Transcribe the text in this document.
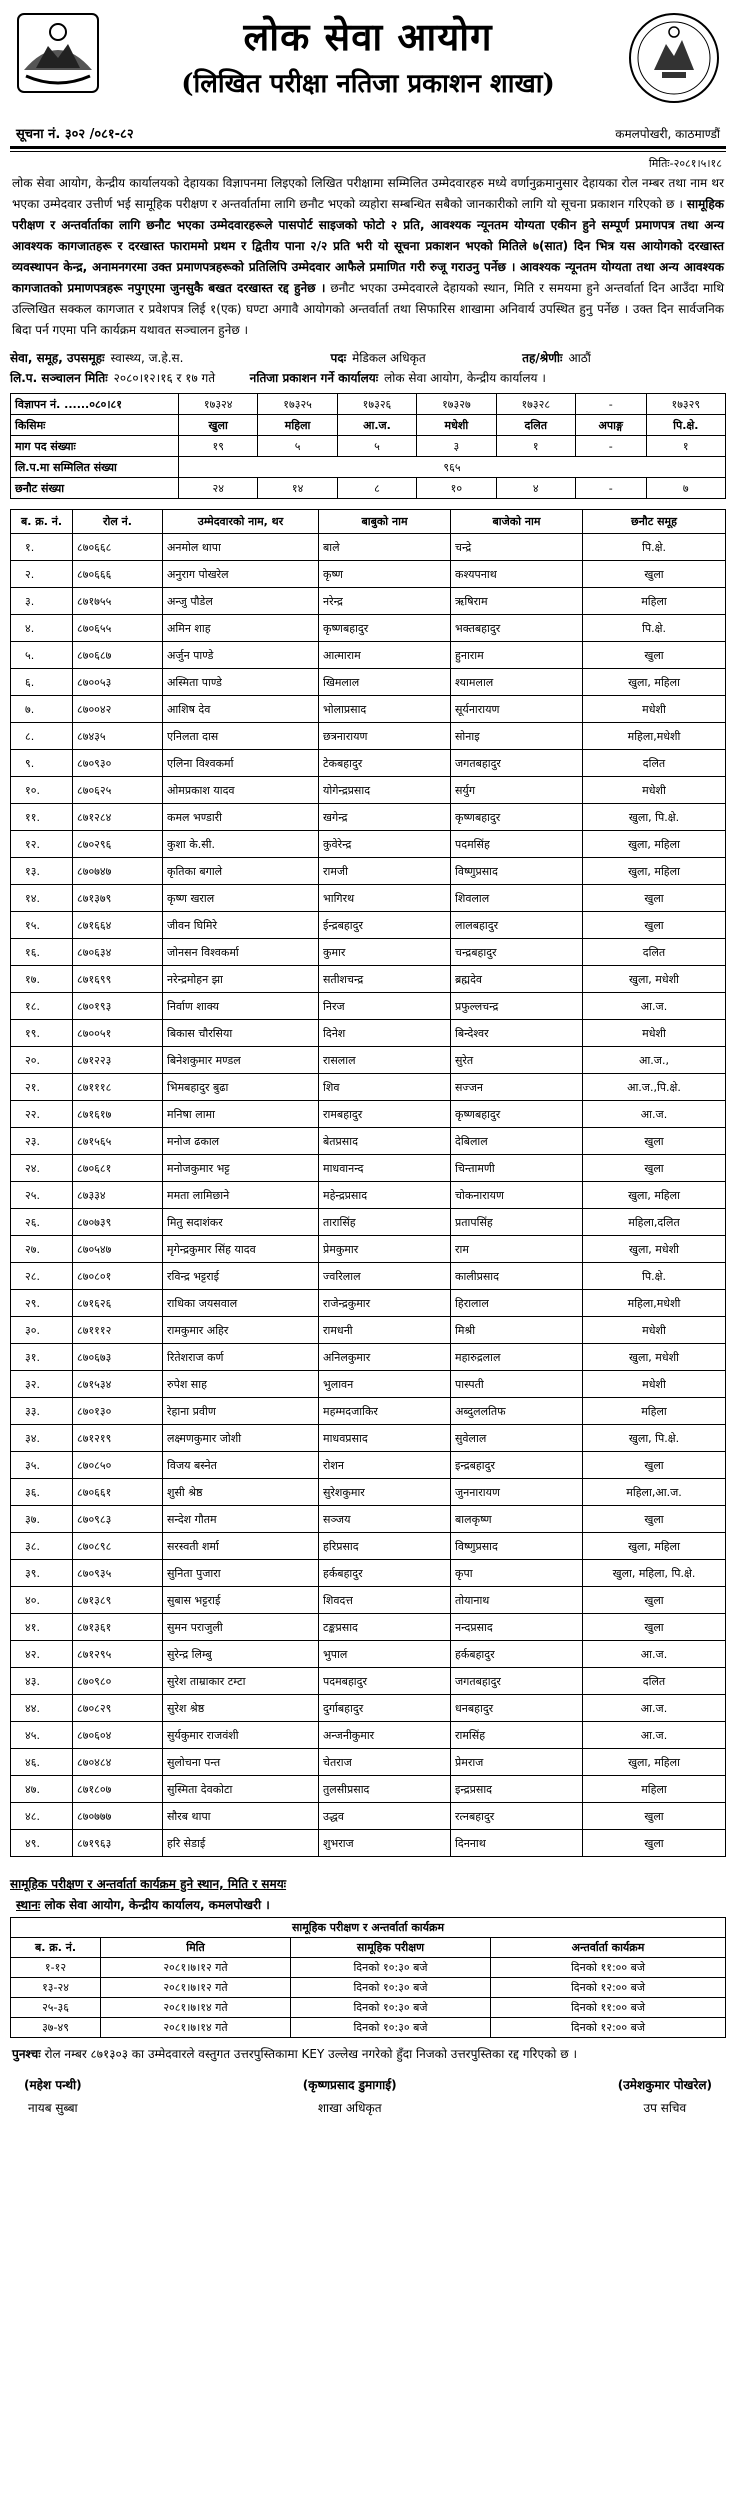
लोक सेवा आयोग
(लिखित परीक्षा नतिजा प्रकाशन शाखा)
सूचना नं. ३०२ /०८१-८२	कमलपोखरी, काठमाण्डौं
मितिः-२०८१।५।१८
लोक सेवा आयोग, केन्द्रीय कार्यालयको देहायका विज्ञापनमा लिइएको लिखित परीक्षामा सम्मिलित उम्मेदवारहरु मध्ये वर्णानुक्रमानुसार देहायका रोल नम्बर तथा नाम थर भएका उम्मेदवार उत्तीर्ण भई सामूहिक परीक्षण र अन्तर्वार्तामा लागि छनौट भएको व्यहोरा सम्बन्धित सबैको जानकारीको लागि यो सूचना प्रकाशन गरिएको छ । सामूहिक परीक्षण र अन्तर्वार्ताका लागि छनौट भएका उम्मेदवारहरूले पासपोर्ट साइजको फोटो २ प्रति, आवश्यक न्यूनतम योग्यता एकीन हुने सम्पूर्ण प्रमाणपत्र तथा अन्य आवश्यक कागजातहरू र दरखास्त फाराममो प्रथम र द्वितीय पाना २/२ प्रति भरी यो सूचना प्रकाशन भएको मितिले ७(सात) दिन भित्र यस आयोगको दरखास्त व्यवस्थापन केन्द्र, अनामनगरमा उक्त प्रमाणपत्रहरूको प्रतिलिपि उम्मेदवार आफैले प्रमाणित गरी रुजू गराउनु पर्नेछ । आवश्यक न्यूनतम योग्यता तथा अन्य आवश्यक कागजातको प्रमाणपत्रहरू नपुग्एमा जुनसुकै बखत दरखास्त रद्द हुनेछ । छनौट भएका उम्मेदवारले देहायको स्थान, मिति र समयमा हुने अन्तर्वार्ता दिन आउँदा माथि उल्लिखित सक्कल कागजात र प्रवेशपत्र लिई १(एक) घण्टा अगावै आयोगको अन्तर्वार्ता तथा सिफारिस शाखामा अनिवार्य उपस्थित हुनु पर्नेछ । उक्त दिन सार्वजनिक बिदा पर्न गएमा पनि कार्यक्रम यथावत सञ्चालन हुनेछ ।
सेवा, समूह, उपसमूहः स्वास्थ्य, ज.हे.स.	पदः मेडिकल अधिकृत	तह/श्रेणीः आठौं
लि.प. सञ्चालन मितिः २०८०।१२।१६ र १७ गते	नतिजा प्रकाशन गर्ने कार्यालयः लोक सेवा आयोग, केन्द्रीय कार्यालय ।
विज्ञापन नं. ......०८०।८१	१७३२४	१७३२५	१७३२६	१७३२७	१७३२८	-	१७३२९
किसिमः	खुला	महिला	आ.ज.	मधेशी	दलित	अपाङ्ग	पि.क्षे.
माग पद संख्याः	१९	५	५	३	१	-	१
लि.प.मा सम्मिलित संख्या	९६५						
छनौट संख्या	२४	१४	८	१०	४	-	७
ब. क्र. नं.	रोल नं.	उम्मेदवारको नाम, थर	बाबुको नाम	बाजेको नाम	छनौट समूह
१.	८७०६६८	अनमोल थापा	बाले	चन्द्रे	पि.क्षे.
२.	८७०६६६	अनुराग पोखरेल	कृष्ण	कश्यपनाथ	खुला
३.	८७१७५५	अन्जु पौडेल	नरेन्द्र	ऋषिराम	महिला
४.	८७०६५५	अमिन शाह	कृष्णबहादुर	भक्तबहादुर	पि.क्षे.
५.	८७०६८७	अर्जुन पाण्डे	आत्माराम	हुनाराम	खुला
६.	८७००५३	अस्मिता पाण्डे	खिमलाल	श्यामलाल	खुला, महिला
७.	८७००४२	आशिष देव	भोलाप्रसाद	सूर्यनारायण	मधेशी
८.	८७४३५	एनिलता दास	छत्रनारायण	सोनाइ	महिला,मधेशी
९.	८७०९३०	एलिना विश्वकर्मा	टेकबहादुर	जगतबहादुर	दलित
१०.	८७०६२५	ओमप्रकाश यादव	योगेन्द्रप्रसाद	सर्युग	मधेशी
११.	८७१२८४	कमल भण्डारी	खगेन्द्र	कृष्णबहादुर	खुला, पि.क्षे.
१२.	८७०२९६	कुशा के.सी.	कुवेरेन्द्र	पदमसिंह	खुला, महिला
१३.	८७०७४७	कृतिका बगाले	रामजी	विष्णुप्रसाद	खुला, महिला
१४.	८७१३७९	कृष्ण खराल	भागिरथ	शिवलाल	खुला
१५.	८७१६६४	जीवन घिमिरे	ईन्द्रबहादुर	लालबहादुर	खुला
१६.	८७०६३४	जोनसन विश्वकर्मा	कुमार	चन्द्रबहादुर	दलित
१७.	८७१६९९	नरेन्द्रमोहन झा	सतीशचन्द्र	ब्रह्मदेव	खुला, मधेशी
१८.	८७०१९३	निर्वाण शाक्य	निरज	प्रफुल्लचन्द्र	आ.ज.
१९.	८७००५१	बिकास चौरसिया	दिनेश	बिन्देश्वर	मधेशी
२०.	८७१२२३	बिनेशकुमार मण्डल	रासलाल	सुरेत	आ.ज.,
२१.	८७१११८	भिमबहादुर बुढा	शिव	सज्जन	आ.ज.,पि.क्षे.
२२.	८७१६१७	मनिषा लामा	रामबहादुर	कृष्णबहादुर	आ.ज.
२३.	८७१५६५	मनोज ढकाल	बेतप्रसाद	देबिलाल	खुला
२४.	८७०६८१	मनोजकुमार भट्ट	माधवानन्द	चिन्तामणी	खुला
२५.	८७३३४	ममता लामिछाने	महेन्द्रप्रसाद	चोकनारायण	खुला, महिला
२६.	८७०७३९	मितु सदाशंकर	तारासिंह	प्रतापसिंह	महिला,दलित
२७.	८७०५४७	मृगेन्द्रकुमार सिंह यादव	प्रेमकुमार	राम	खुला, मधेशी
२८.	८७०८०१	रविन्द्र भट्टराई	ज्वरिलाल	कालीप्रसाद	पि.क्षे.
२९.	८७१६२६	राधिका जयसवाल	राजेन्द्रकुमार	हिरालाल	महिला,मधेशी
३०.	८७१११२	रामकुमार अहिर	रामधनी	मिश्री	मधेशी
३१.	८७०६७३	रितेशराज कर्ण	अनिलकुमार	महारुद्रलाल	खुला, मधेशी
३२.	८७१५३४	रुपेश साह	भुलावन	पास्पती	मधेशी
३३.	८७०१३०	रेहाना प्रवीण	महम्मदजाकिर	अब्दुललतिफ	महिला
३४.	८७१२१९	लक्ष्मणकुमार जोशी	माधवप्रसाद	सुवेलाल	खुला, पि.क्षे.
३५.	८७०८५०	विजय बस्नेत	रोशन	इन्द्रबहादुर	खुला
३६.	८७०६६१	शुसी श्रेष्ठ	सुरेशकुमार	जुननारायण	महिला,आ.ज.
३७.	८७०९८३	सन्देश गौतम	सञ्जय	बालकृष्ण	खुला
३८.	८७०८९८	सरस्वती शर्मा	हरिप्रसाद	विष्णुप्रसाद	खुला, महिला
३९.	८७०९३५	सुनिता पुजारा	हर्कबहादुर	कृपा	खुला, महिला, पि.क्षे.
४०.	८७१३८९	सुबास भट्टराई	शिवदत्त	तोयानाथ	खुला
४१.	८७१३६१	सुमन पराजुली	टङ्कप्रसाद	नन्दप्रसाद	खुला
४२.	८७१२९५	सुरेन्द्र लिम्बु	भुपाल	हर्कबहादुर	आ.ज.
४३.	८७०९८०	सुरेश ताम्राकार टम्टा	पदमबहादुर	जगतबहादुर	दलित
४४.	८७०८२९	सुरेश श्रेष्ठ	दुर्गाबहादुर	धनबहादुर	आ.ज.
४५.	८७०६०४	सुर्यकुमार राजवंशी	अन्जनीकुमार	रामसिंह	आ.ज.
४६.	८७०४८४	सुलोचना पन्त	चेतराज	प्रेमराज	खुला, महिला
४७.	८७१८०७	सुस्मिता देवकोटा	तुलसीप्रसाद	इन्द्रप्रसाद	महिला
४८.	८७०७७७	सौरब थापा	उद्धव	रत्नबहादुर	खुला
४९.	८७१९६३	हरि सेडाई	शुभराज	दिननाथ	खुला
सामूहिक परीक्षण र अन्तर्वार्ता कार्यक्रम हुने स्थान, मिति र समयः
स्थानः लोक सेवा आयोग, केन्द्रीय कार्यालय, कमलपोखरी ।
सामूहिक परीक्षण र अन्तर्वार्ता कार्यक्रम			
ब. क्र. नं.	मिति	सामूहिक परीक्षण	अन्तर्वार्ता कार्यक्रम
१-१२	२०८१।७।१२ गते	दिनको १०:३० बजे	दिनको ११:०० बजे
१३-२४	२०८१।७।१२ गते	दिनको १०:३० बजे	दिनको १२:०० बजे
२५-३६	२०८१।७।१४ गते	दिनको १०:३० बजे	दिनको ११:०० बजे
३७-४९	२०८१।७।१४ गते	दिनको १०:३० बजे	दिनको १२:०० बजे
पुनश्चः रोल नम्बर ८७१३०३ का उम्मेदवारले वस्तुगत उत्तरपुस्तिकामा KEY उल्लेख नगरेको हुँदा निजको उत्तरपुस्तिका रद्द गरिएको छ ।
(महेश पन्थी)
नायब सुब्बा
(कृष्णप्रसाद डुमागाई)
शाखा अधिकृत
(उमेशकुमार पोखरेल)
उप सचिव
